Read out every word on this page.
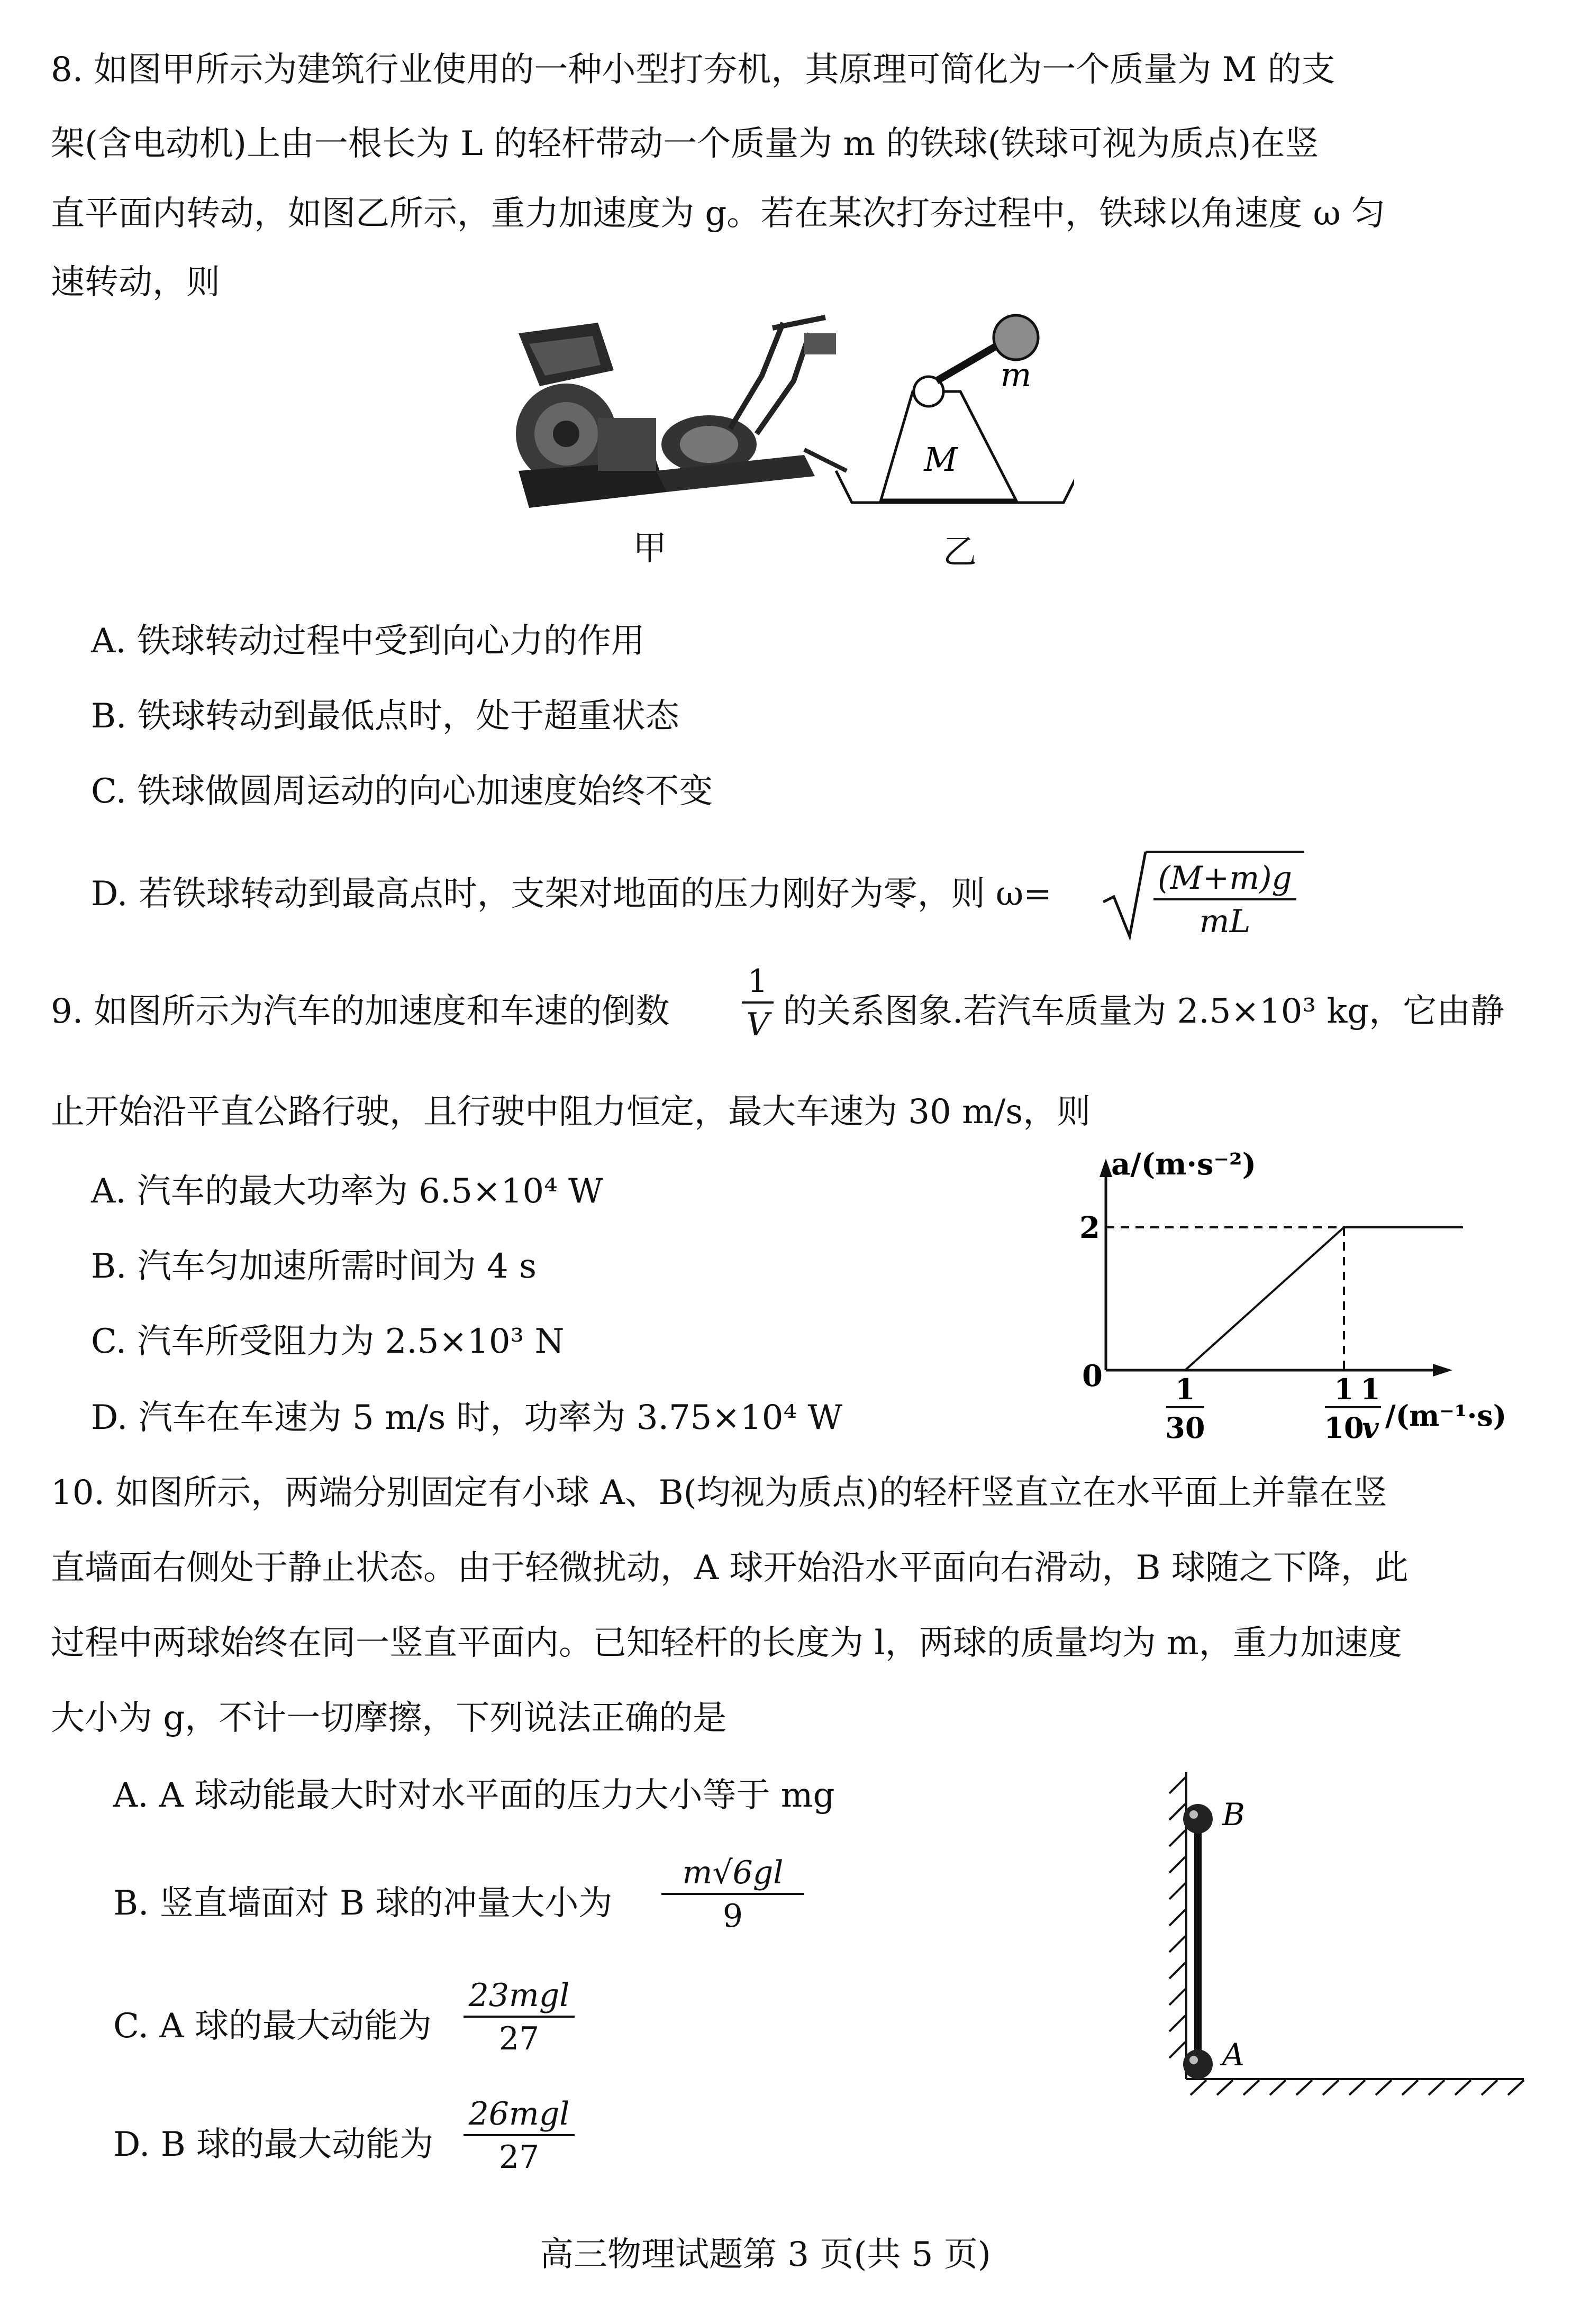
8. 如图甲所示为建筑行业使用的一种小型打夯机，其原理可简化为一个质量为 M 的支
架(含电动机)上由一根长为 L 的轻杆带动一个质量为 m 的铁球(铁球可视为质点)在竖
直平面内转动，如图乙所示，重力加速度为 g。若在某次打夯过程中，铁球以角速度 ω 匀
速转动，则
甲
M
m
乙
A. 铁球转动过程中受到向心力的作用
B. 铁球转动到最低点时，处于超重状态
C. 铁球做圆周运动的向心加速度始终不变
D. 若铁球转动到最高点时，支架对地面的压力刚好为零，则 ω=	$\frac{(M+m)g}{mL}$
9. 如图所示为汽车的加速度和车速的倒数 $\frac{1}{V}$ 的关系图象.若汽车质量为 2.5×10³ kg，它由静
止开始沿平直公路行驶，且行驶中阻力恒定，最大车速为 30 m/s，则
A. 汽车的最大功率为 6.5×10⁴ W
B. 汽车匀加速所需时间为 4 s
C. 汽车所受阻力为 2.5×10³ N
D. 汽车在车速为 5 m/s 时，功率为 3.75×10⁴ W
a/(m·s⁻²)
0
2
1
30
1
10
1
v /(m⁻¹·s)
10. 如图所示，两端分别固定有小球 A、B(均视为质点)的轻杆竖直立在水平面上并靠在竖
直墙面右侧处于静止状态。由于轻微扰动，A 球开始沿水平面向右滑动，B 球随之下降，此
过程中两球始终在同一竖直平面内。已知轻杆的长度为 l，两球的质量均为 m，重力加速度
大小为 g，不计一切摩擦，下列说法正确的是
A. A 球动能最大时对水平面的压力大小等于 mg
B. 竖直墙面对 B 球的冲量大小为 $\frac{m√6gl}{9}$
C. A 球的最大动能为
23mgl
27
D. B 球的最大动能为
26mgl
27
B
A
高三物理试题第 3 页(共 5 页)
